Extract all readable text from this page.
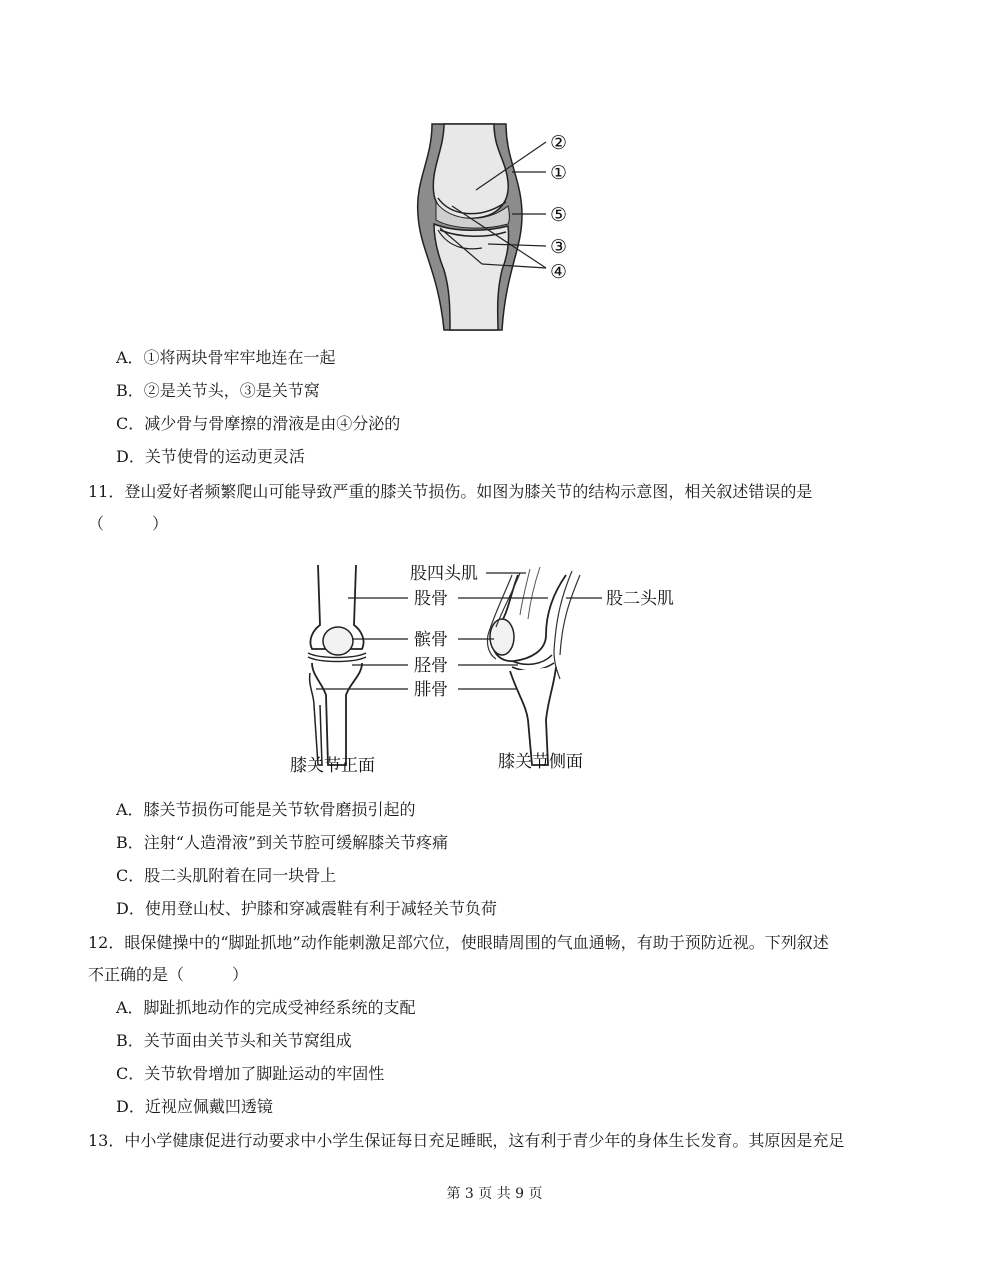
②
①
⑤
③
④
A．①将两块骨牢牢地连在一起
B．②是关节头，③是关节窝
C．减少骨与骨摩擦的滑液是由④分泌的
D．关节使骨的运动更灵活
11．登山爱好者频繁爬山可能导致严重的膝关节损伤。如图为膝关节的结构示意图，相关叙述错误的是
（　　　）
股四头肌
股骨
髌骨
胫骨
腓骨
股二头肌
膝关节正面	膝关节侧面
A．膝关节损伤可能是关节软骨磨损引起的
B．注射“人造滑液”到关节腔可缓解膝关节疼痛
C．股二头肌附着在同一块骨上
D．使用登山杖、护膝和穿减震鞋有利于减轻关节负荷
12．眼保健操中的“脚趾抓地”动作能刺激足部穴位，使眼睛周围的气血通畅，有助于预防近视。下列叙述
不正确的是（　　　）
A．脚趾抓地动作的完成受神经系统的支配
B．关节面由关节头和关节窝组成
C．关节软骨增加了脚趾运动的牢固性
D．近视应佩戴凹透镜
13．中小学健康促进行动要求中小学生保证每日充足睡眠，这有利于青少年的身体生长发育。其原因是充足
第 3 页 共 9 页
